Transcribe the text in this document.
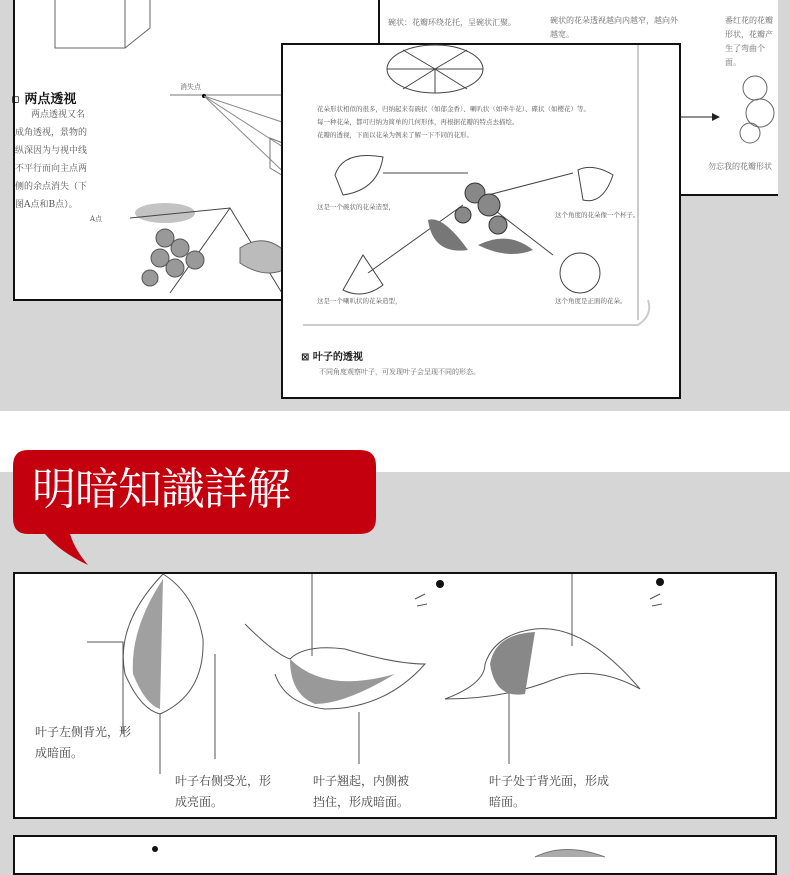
▫ 两点透视
两点透视又名
成角透视，景物的
纵深因为与视中线
不平行而向主点两
侧的余点消失（下
图A点和B点）。
消失点
A点
碗状：花瓣环绕花托，呈碗状汇聚。	碗状的花朵透视越向内越窄，越向外越宽。
番红花的花瓣形状，花瓣产生了弯曲个面。
勿忘我的花瓣形状
花朵形状相似的很多，归纳起来有碗状（如郁金香）、喇叭状（如牵牛花）、碟状（如樱花）等。
每一种花朵，都可归纳为简单的几何形体，再根据花瓣的特点去描绘。
花瓣的透视，下面以花朵为例来了解一下不同的花形。
这是一个碗状的花朵造型，
这个角度的花朵像一个杯子。
这是一个喇叭状的花朵造型，	这个角度是正面的花朵。
⊠ 叶子的透视
不同角度观察叶子，可发现叶子会呈现不同的形态。
明暗知識詳解
叶子左侧背光，形
成暗面。
叶子右侧受光，形
成亮面。
叶子翘起，内侧被
挡住，形成暗面。
叶子处于背光面，形成
暗面。
